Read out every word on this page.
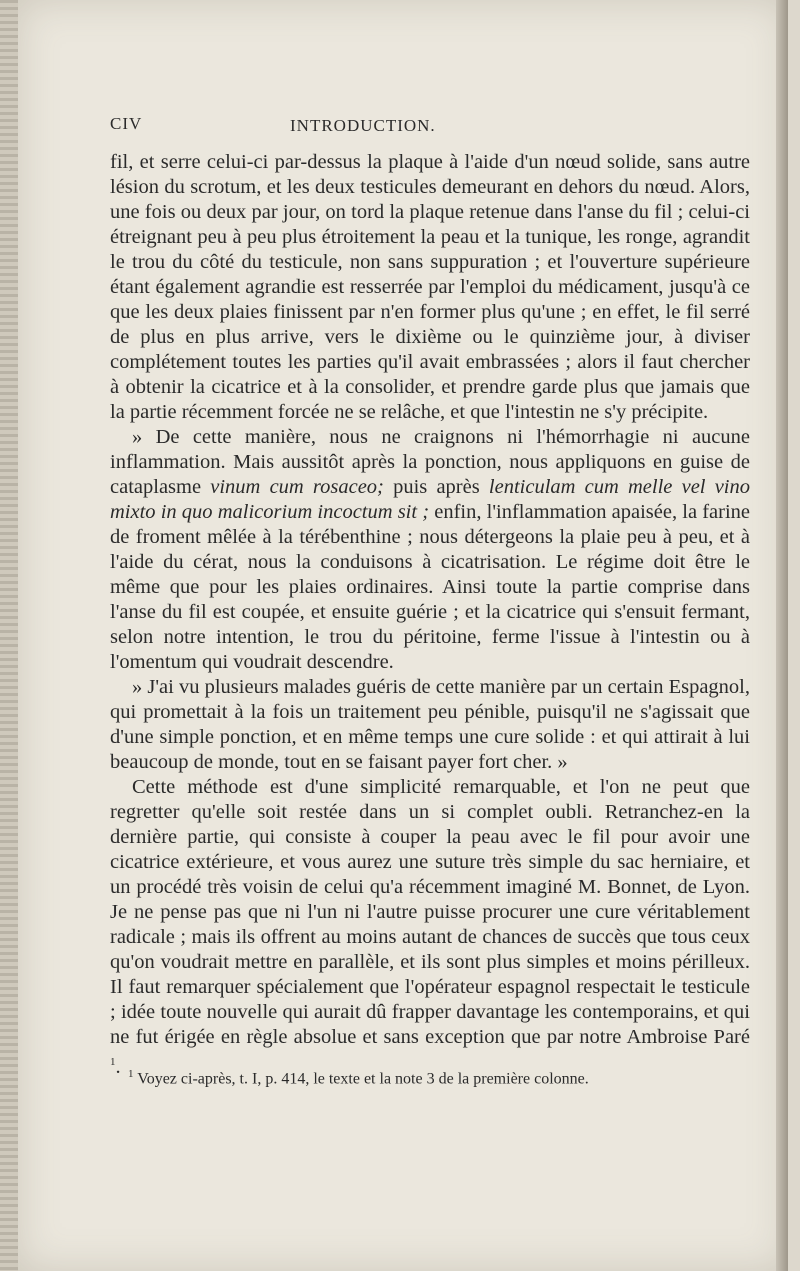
CIV	INTRODUCTION.

fil, et serre celui-ci par-dessus la plaque à l'aide d'un nœud solide, sans autre lésion du scrotum, et les deux testicules demeurant en dehors du nœud. Alors, une fois ou deux par jour, on tord la plaque retenue dans l'anse du fil ; celui-ci étreignant peu à peu plus étroitement la peau et la tunique, les ronge, agrandit le trou du côté du testicule, non sans suppuration ; et l'ouverture supérieure étant également agrandie est resserrée par l'emploi du médicament, jusqu'à ce que les deux plaies finissent par n'en former plus qu'une ; en effet, le fil serré de plus en plus arrive, vers le dixième ou le quinzième jour, à diviser complétement toutes les parties qu'il avait embrassées ; alors il faut chercher à obtenir la cicatrice et à la consolider, et prendre garde plus que jamais que la partie récemment forcée ne se relâche, et que l'intestin ne s'y précipite.

» De cette manière, nous ne craignons ni l'hémorrhagie ni aucune inflammation. Mais aussitôt après la ponction, nous appliquons en guise de cataplasme vinum cum rosaceo; puis après lenticulam cum melle vel vino mixto in quo malicorium incoctum sit ; enfin, l'inflammation apaisée, la farine de froment mêlée à la térébenthine ; nous détergeons la plaie peu à peu, et à l'aide du cérat, nous la conduisons à cicatrisation. Le régime doit être le même que pour les plaies ordinaires. Ainsi toute la partie comprise dans l'anse du fil est coupée, et ensuite guérie ; et la cicatrice qui s'ensuit fermant, selon notre intention, le trou du péritoine, ferme l'issue à l'intestin ou à l'omentum qui voudrait descendre.

» J'ai vu plusieurs malades guéris de cette manière par un certain Espagnol, qui promettait à la fois un traitement peu pénible, puisqu'il ne s'agissait que d'une simple ponction, et en même temps une cure solide : et qui attirait à lui beaucoup de monde, tout en se faisant payer fort cher. »

Cette méthode est d'une simplicité remarquable, et l'on ne peut que regretter qu'elle soit restée dans un si complet oubli. Retranchez-en la dernière partie, qui consiste à couper la peau avec le fil pour avoir une cicatrice extérieure, et vous aurez une suture très simple du sac herniaire, et un procédé très voisin de celui qu'a récemment imaginé M. Bonnet, de Lyon. Je ne pense pas que ni l'un ni l'autre puisse procurer une cure véritablement radicale ; mais ils offrent au moins autant de chances de succès que tous ceux qu'on voudrait mettre en parallèle, et ils sont plus simples et moins périlleux. Il faut remarquer spécialement que l'opérateur espagnol respectait le testicule ; idée toute nouvelle qui aurait dû frapper davantage les contemporains, et qui ne fut érigée en règle absolue et sans exception que par notre Ambroise Paré $^1$. $^1$ Voyez ci-après, t. I, p. 414, le texte et la note 3 de la première colonne.
